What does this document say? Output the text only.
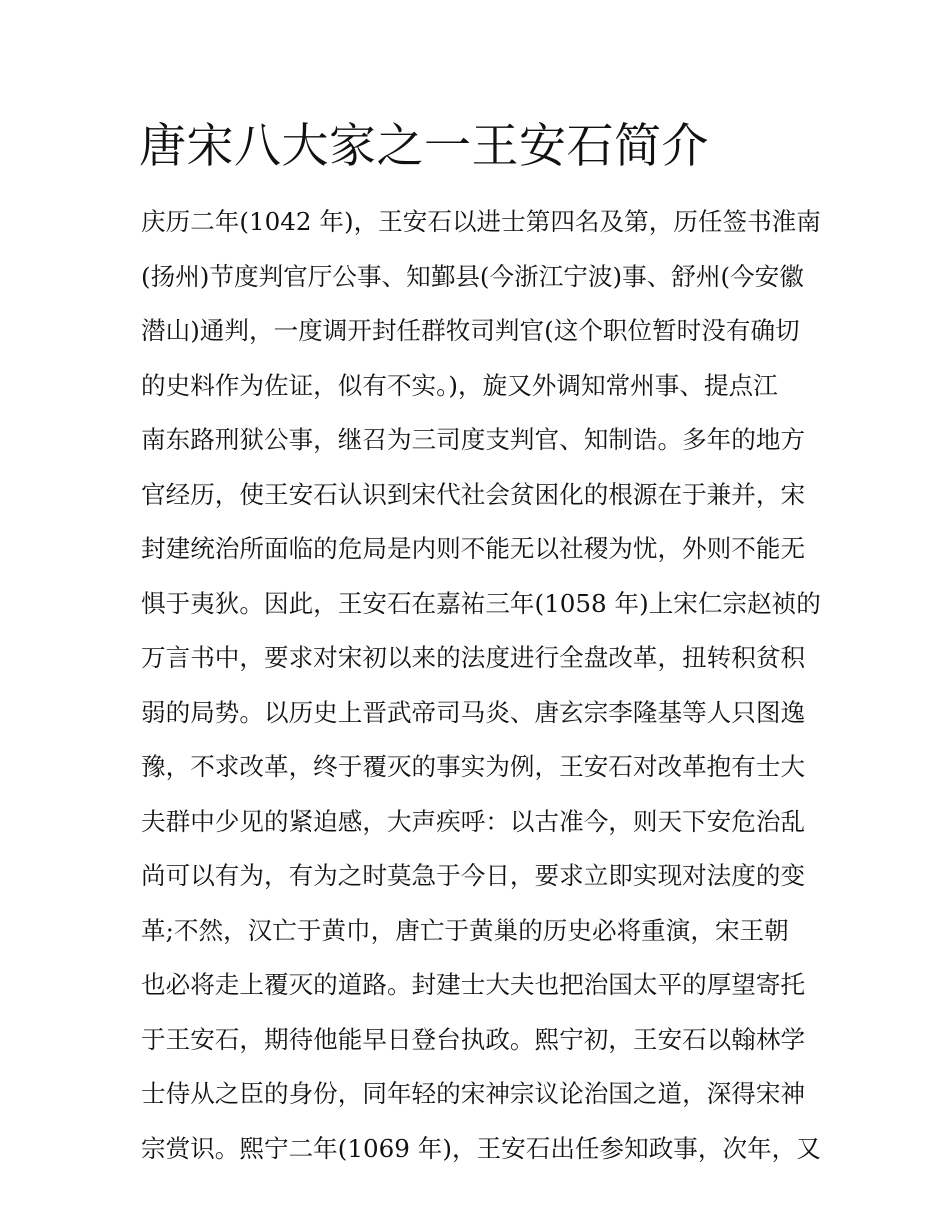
唐宋八大家之一王安石简介
庆历二年(1042 年)，王安石以进士第四名及第，历任签书淮南
(扬州)节度判官厅公事、知鄞县(今浙江宁波)事、舒州(今安徽
潜山)通判，一度调开封任群牧司判官(这个职位暂时没有确切
的史料作为佐证，似有不实。)，旋又外调知常州事、提点江
南东路刑狱公事，继召为三司度支判官、知制诰。多年的地方
官经历，使王安石认识到宋代社会贫困化的根源在于兼并，宋
封建统治所面临的危局是内则不能无以社稷为忧，外则不能无
惧于夷狄。因此，王安石在嘉祐三年(1058 年)上宋仁宗赵祯的
万言书中，要求对宋初以来的法度进行全盘改革，扭转积贫积
弱的局势。以历史上晋武帝司马炎、唐玄宗李隆基等人只图逸
豫，不求改革，终于覆灭的事实为例，王安石对改革抱有士大
夫群中少见的紧迫感，大声疾呼：以古准今，则天下安危治乱
尚可以有为，有为之时莫急于今日，要求立即实现对法度的变
革;不然，汉亡于黄巾，唐亡于黄巢的历史必将重演，宋王朝
也必将走上覆灭的道路。封建士大夫也把治国太平的厚望寄托
于王安石，期待他能早日登台执政。熙宁初，王安石以翰林学
士侍从之臣的身份，同年轻的宋神宗议论治国之道，深得宋神
宗赏识。熙宁二年(1069 年)，王安石出任参知政事，次年，又
